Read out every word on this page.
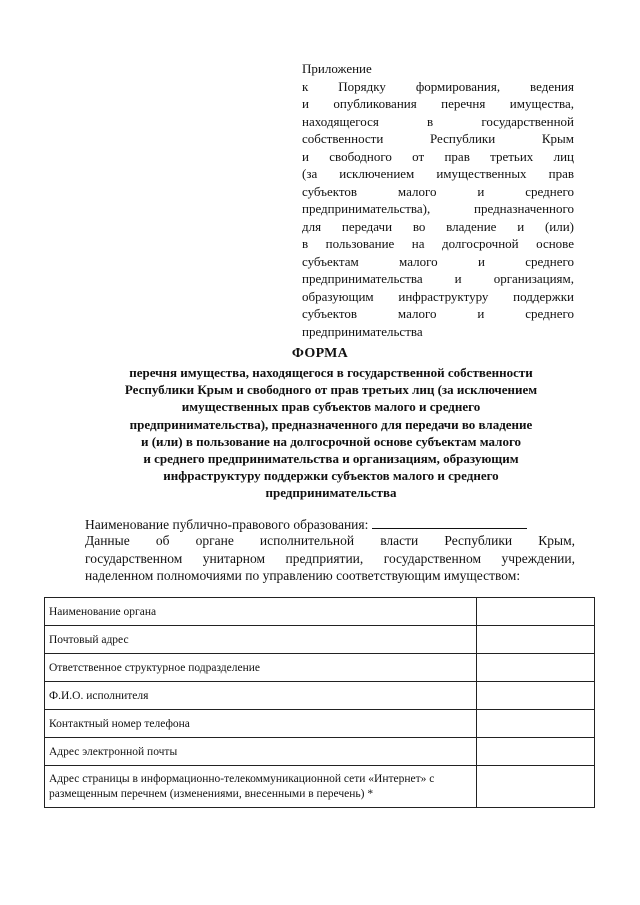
Приложение
к Порядку формирования, ведения
и опубликования перечня имущества,
находящегося в государственной
собственности Республики Крым
и свободного от прав третьих лиц
(за исключением имущественных прав
субъектов малого и среднего
предпринимательства), предназначенного
для передачи во владение и (или)
в пользование на долгосрочной основе
субъектам малого и среднего
предпринимательства и организациям,
образующим инфраструктуру поддержки
субъектов малого и среднего
предпринимательства
ФОРМА
перечня имущества, находящегося в государственной собственности
Республики Крым и свободного от прав третьих лиц (за исключением
имущественных прав субъектов малого и среднего
предпринимательства), предназначенного для передачи во владение
и (или) в пользование на долгосрочной основе субъектам малого
и среднего предпринимательства и организациям, образующим
инфраструктуру поддержки субъектов малого и среднего
предпринимательства
Наименование публично-правового образования:
Данные об органе исполнительной власти Республики Крым,
государственном унитарном предприятии, государственном учреждении,
наделенном полномочиями по управлению соответствующим имуществом:
Наименование органа	
Почтовый адрес	
Ответственное структурное подразделение	
Ф.И.О. исполнителя	
Контактный номер телефона	
Адрес электронной почты	
Адрес страницы в информационно-телекоммуникационной сети «Интернет» с
размещенным перечнем (изменениями, внесенными в перечень) *	
